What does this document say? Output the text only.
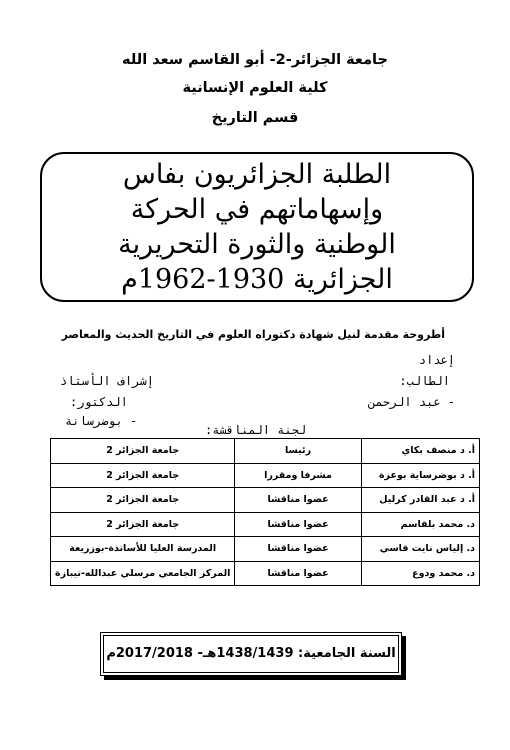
جامعة الجزائر-2- أبو القاسم سعد الله
كلية العلوم الإنسانية
قسم التاريخ
الطلبة الجزائريون بفاس
وإسهاماتهم في الحركة
الوطنية والثورة التحريرية
الجزائرية 1930-1962م
أطروحة مقدمة لنيل شهادة دكتوراه العلوم في التاريخ الحديث والمعاصر
إعداد
الطالب:
- عبد الرحمن
إشراف الأستاذ
الدكتور:
- بوضرسانة
لجنة المناقشة:
أ. د منصف بكاي	رئيسا	جامعة الجزائر 2
أ. د بوضرساية بوعزة	مشرفا ومقررا	جامعة الجزائر 2
أ. د عبد القادر كرليل	عضوا مناقشا	جامعة الجزائر 2
د. محمد بلقاسم	عضوا مناقشا	جامعة الجزائر 2
د. إلياس نايت قاسي	عضوا مناقشا	المدرسة العليا للأساتذة-بوزريعة
د. محمد ودوع	عضوا مناقشا	المركز الجامعي مرسلي عبدالله-تيبازة
السنة الجامعية: 1438/1439هـ- 2017/2018م
